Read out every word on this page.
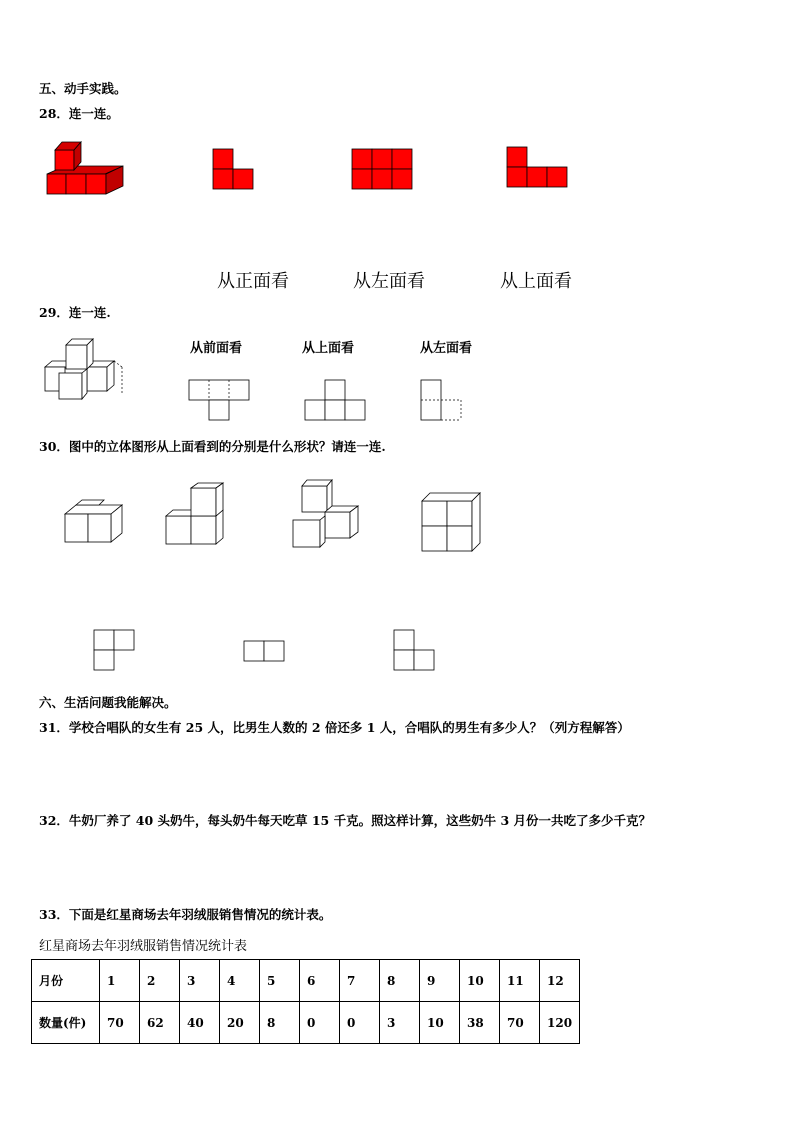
五、动手实践。
28．连一连。
从正面看	从左面看	从上面看
29．连一连.
从前面看	从上面看	从左面看
30．图中的立体图形从上面看到的分别是什么形状？请连一连.
六、生活问题我能解决。
31．学校合唱队的女生有 25 人，比男生人数的 2 倍还多 1 人，合唱队的男生有多少人？（列方程解答）
32．牛奶厂养了 40 头奶牛，每头奶牛每天吃草 15 千克。照这样计算，这些奶牛 3 月份一共吃了多少千克？
33．下面是红星商场去年羽绒服销售情况的统计表。
红星商场去年羽绒服销售情况统计表
月份	1	2	3	4	5	6	7	8	9	10	11	12
数量(件)	70	62	40	20	8	0	0	3	10	38	70	120
